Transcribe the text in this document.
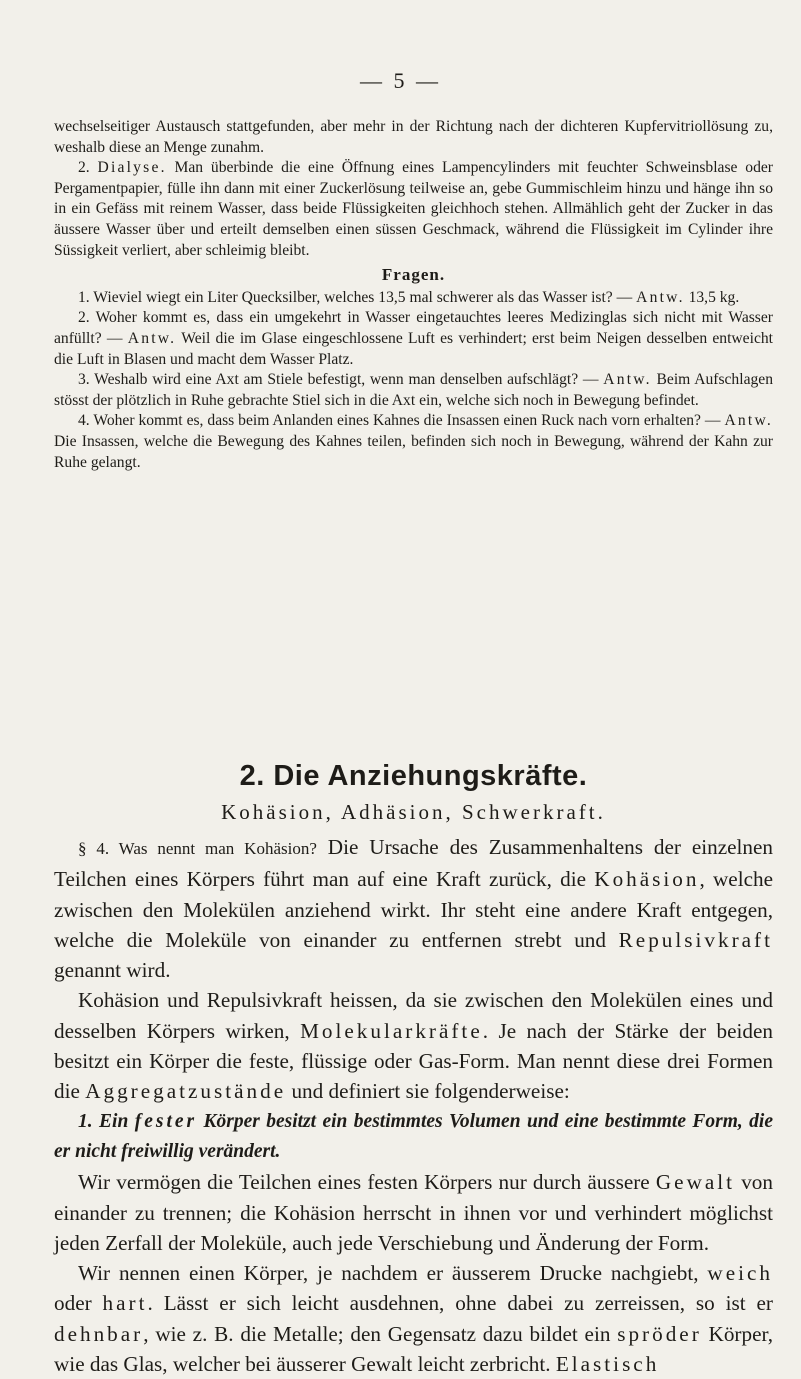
— 5 —

wechselseitiger Austausch stattgefunden, aber mehr in der Richtung nach der dichteren Kupfervitriollösung zu, weshalb diese an Menge zunahm.

2. Dialyse. Man überbinde die eine Öffnung eines Lampencylinders mit feuchter Schweinsblase oder Pergamentpapier, fülle ihn dann mit einer Zuckerlösung teilweise an, gebe Gummischleim hinzu und hänge ihn so in ein Gefäss mit reinem Wasser, dass beide Flüssigkeiten gleichhoch stehen. Allmählich geht der Zucker in das äussere Wasser über und erteilt demselben einen süssen Geschmack, während die Flüssigkeit im Cylinder ihre Süssigkeit verliert, aber schleimig bleibt.

Fragen.

1. Wieviel wiegt ein Liter Quecksilber, welches 13,5 mal schwerer als das Wasser ist? — Antw. 13,5 kg.

2. Woher kommt es, dass ein umgekehrt in Wasser eingetauchtes leeres Medizinglas sich nicht mit Wasser anfüllt? — Antw. Weil die im Glase eingeschlossene Luft es verhindert; erst beim Neigen desselben entweicht die Luft in Blasen und macht dem Wasser Platz.

3. Weshalb wird eine Axt am Stiele befestigt, wenn man denselben aufschlägt? — Antw. Beim Aufschlagen stösst der plötzlich in Ruhe gebrachte Stiel sich in die Axt ein, welche sich noch in Bewegung befindet.

4. Woher kommt es, dass beim Anlanden eines Kahnes die Insassen einen Ruck nach vorn erhalten? — Antw. Die Insassen, welche die Bewegung des Kahnes teilen, befinden sich noch in Bewegung, während der Kahn zur Ruhe gelangt.

2. Die Anziehungskräfte.
Kohäsion, Adhäsion, Schwerkraft.

§ 4. Was nennt man Kohäsion? Die Ursache des Zusammenhaltens der einzelnen Teilchen eines Körpers führt man auf eine Kraft zurück, die Kohäsion, welche zwischen den Molekülen anziehend wirkt. Ihr steht eine andere Kraft entgegen, welche die Moleküle von einander zu entfernen strebt und Repulsivkraft genannt wird.

Kohäsion und Repulsivkraft heissen, da sie zwischen den Molekülen eines und desselben Körpers wirken, Molekularkräfte. Je nach der Stärke der beiden besitzt ein Körper die feste, flüssige oder Gas-Form. Man nennt diese drei Formen die Aggregatzustände und definiert sie folgenderweise:

1. Ein fester Körper besitzt ein bestimmtes Volumen und eine bestimmte Form, die er nicht freiwillig verändert.

Wir vermögen die Teilchen eines festen Körpers nur durch äussere Gewalt von einander zu trennen; die Kohäsion herrscht in ihnen vor und verhindert möglichst jeden Zerfall der Moleküle, auch jede Verschiebung und Änderung der Form.

Wir nennen einen Körper, je nachdem er äusserem Drucke nachgiebt, weich oder hart. Lässt er sich leicht ausdehnen, ohne dabei zu zerreissen, so ist er dehnbar, wie z. B. die Metalle; den Gegensatz dazu bildet ein spröder Körper, wie das Glas, welcher bei äusserer Gewalt leicht zerbricht. Elastisch
